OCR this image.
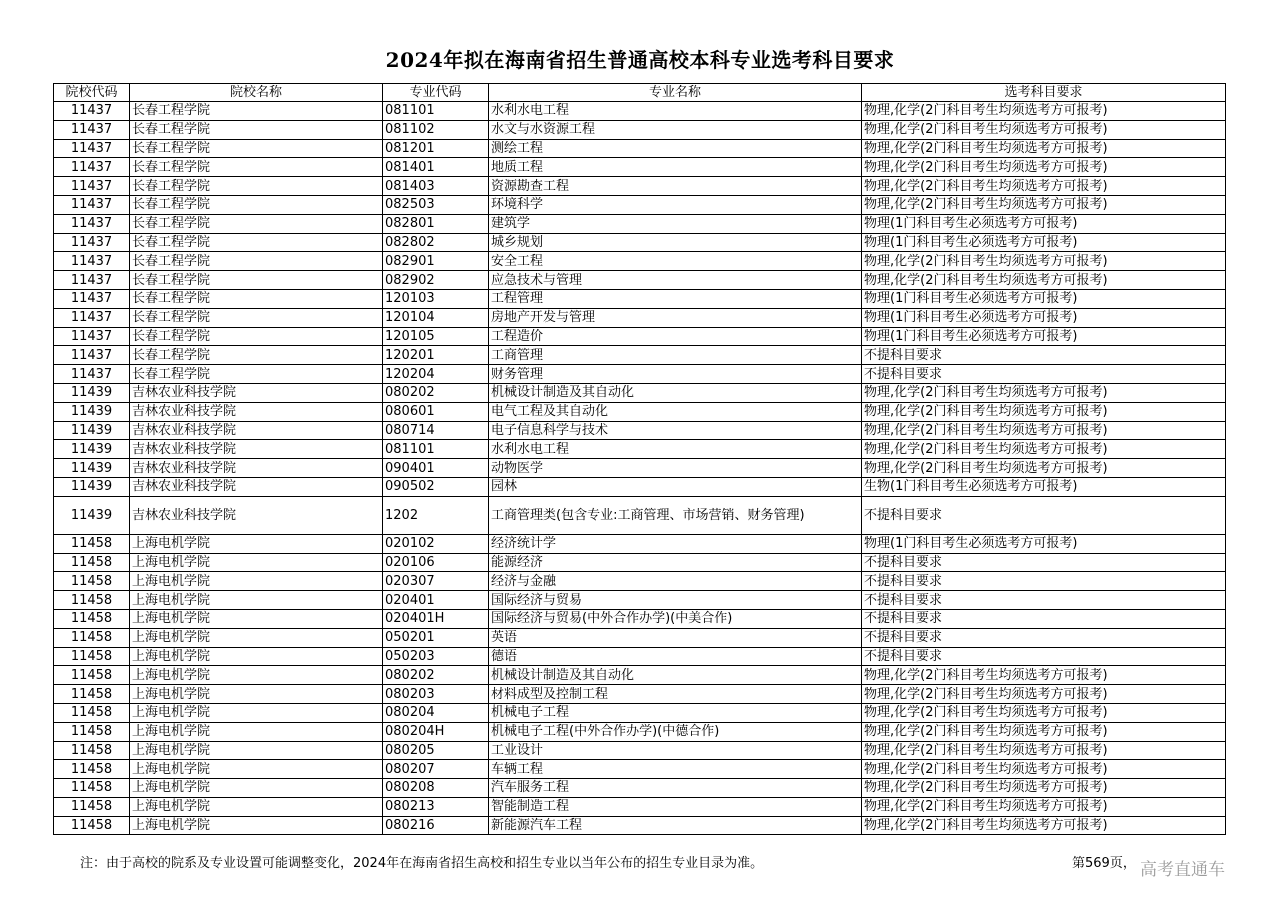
2024年拟在海南省招生普通高校本科专业选考科目要求
院校代码	院校名称	专业代码	专业名称	选考科目要求
11437	长春工程学院	081101	水利水电工程	物理,化学(2门科目考生均须选考方可报考)
11437	长春工程学院	081102	水文与水资源工程	物理,化学(2门科目考生均须选考方可报考)
11437	长春工程学院	081201	测绘工程	物理,化学(2门科目考生均须选考方可报考)
11437	长春工程学院	081401	地质工程	物理,化学(2门科目考生均须选考方可报考)
11437	长春工程学院	081403	资源勘查工程	物理,化学(2门科目考生均须选考方可报考)
11437	长春工程学院	082503	环境科学	物理,化学(2门科目考生均须选考方可报考)
11437	长春工程学院	082801	建筑学	物理(1门科目考生必须选考方可报考)
11437	长春工程学院	082802	城乡规划	物理(1门科目考生必须选考方可报考)
11437	长春工程学院	082901	安全工程	物理,化学(2门科目考生均须选考方可报考)
11437	长春工程学院	082902	应急技术与管理	物理,化学(2门科目考生均须选考方可报考)
11437	长春工程学院	120103	工程管理	物理(1门科目考生必须选考方可报考)
11437	长春工程学院	120104	房地产开发与管理	物理(1门科目考生必须选考方可报考)
11437	长春工程学院	120105	工程造价	物理(1门科目考生必须选考方可报考)
11437	长春工程学院	120201	工商管理	不提科目要求
11437	长春工程学院	120204	财务管理	不提科目要求
11439	吉林农业科技学院	080202	机械设计制造及其自动化	物理,化学(2门科目考生均须选考方可报考)
11439	吉林农业科技学院	080601	电气工程及其自动化	物理,化学(2门科目考生均须选考方可报考)
11439	吉林农业科技学院	080714	电子信息科学与技术	物理,化学(2门科目考生均须选考方可报考)
11439	吉林农业科技学院	081101	水利水电工程	物理,化学(2门科目考生均须选考方可报考)
11439	吉林农业科技学院	090401	动物医学	物理,化学(2门科目考生均须选考方可报考)
11439	吉林农业科技学院	090502	园林	生物(1门科目考生必须选考方可报考)
11439	吉林农业科技学院	1202	工商管理类(包含专业:工商管理、市场营销、财务管理)	不提科目要求
11458	上海电机学院	020102	经济统计学	物理(1门科目考生必须选考方可报考)
11458	上海电机学院	020106	能源经济	不提科目要求
11458	上海电机学院	020307	经济与金融	不提科目要求
11458	上海电机学院	020401	国际经济与贸易	不提科目要求
11458	上海电机学院	020401H	国际经济与贸易(中外合作办学)(中美合作)	不提科目要求
11458	上海电机学院	050201	英语	不提科目要求
11458	上海电机学院	050203	德语	不提科目要求
11458	上海电机学院	080202	机械设计制造及其自动化	物理,化学(2门科目考生均须选考方可报考)
11458	上海电机学院	080203	材料成型及控制工程	物理,化学(2门科目考生均须选考方可报考)
11458	上海电机学院	080204	机械电子工程	物理,化学(2门科目考生均须选考方可报考)
11458	上海电机学院	080204H	机械电子工程(中外合作办学)(中德合作)	物理,化学(2门科目考生均须选考方可报考)
11458	上海电机学院	080205	工业设计	物理,化学(2门科目考生均须选考方可报考)
11458	上海电机学院	080207	车辆工程	物理,化学(2门科目考生均须选考方可报考)
11458	上海电机学院	080208	汽车服务工程	物理,化学(2门科目考生均须选考方可报考)
11458	上海电机学院	080213	智能制造工程	物理,化学(2门科目考生均须选考方可报考)
11458	上海电机学院	080216	新能源汽车工程	物理,化学(2门科目考生均须选考方可报考)
注：由于高校的院系及专业设置可能调整变化，2024年在海南省招生高校和招生专业以当年公布的招生专业目录为准。	第569页， 高考直通车
